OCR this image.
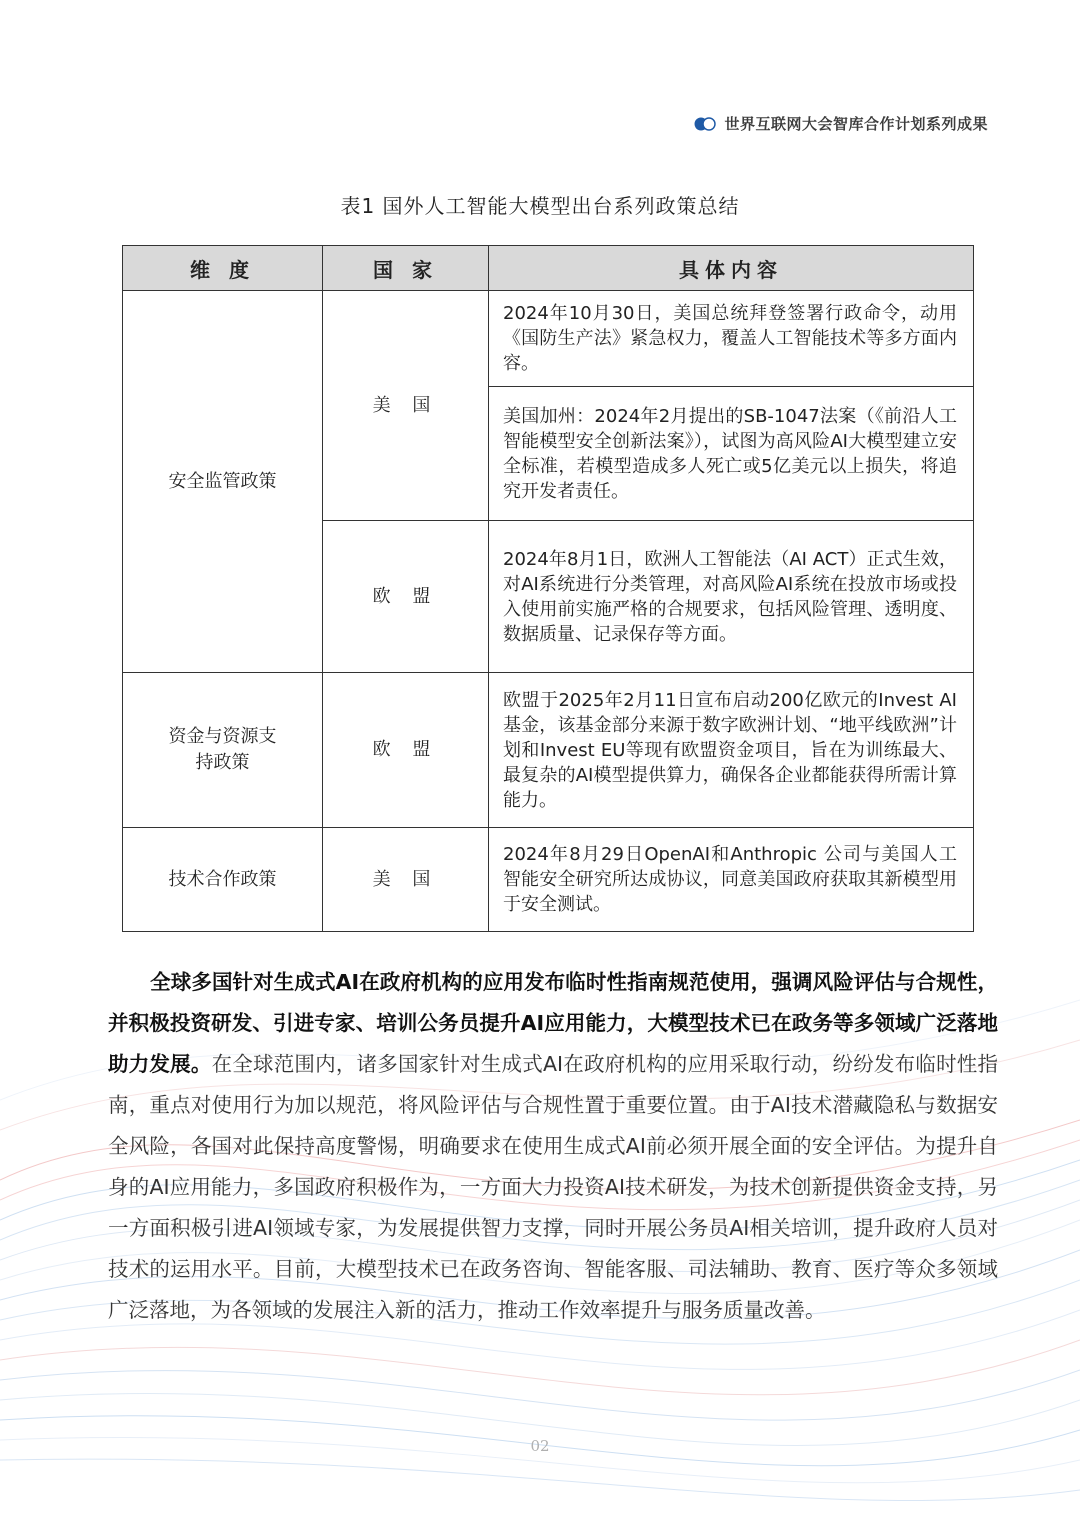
世界互联网大会智库合作计划系列成果
表1 国外人工智能大模型出台系列政策总结
维 度	国 家	具体内容
安全监管政策	美 国	2024年10月30日，美国总统拜登签署行政命令，动用《国防生产法》紧急权力，覆盖人工智能技术等多方面内容。
		美国加州：2024年2月提出的SB-1047法案（《前沿人工智能模型安全创新法案》），试图为高风险AI大模型建立安全标准，若模型造成多人死亡或5亿美元以上损失，将追究开发者责任。
	欧 盟	2024年8月1日，欧洲人工智能法（AI ACT）正式生效，对AI系统进行分类管理，对高风险AI系统在投放市场或投入使用前实施严格的合规要求，包括风险管理、透明度、数据质量、记录保存等方面。
资金与资源支持政策	欧 盟	欧盟于2025年2月11日宣布启动200亿欧元的Invest AI基金，该基金部分来源于数字欧洲计划、“地平线欧洲”计划和Invest EU等现有欧盟资金项目，旨在为训练最大、最复杂的AI模型提供算力，确保各企业都能获得所需计算能力。
技术合作政策	美 国	2024年8月29日OpenAI和Anthropic 公司与美国人工智能安全研究所达成协议，同意美国政府获取其新模型用于安全测试。
全球多国针对生成式AI在政府机构的应用发布临时性指南规范使用，强调风险评估与合规性，并积极投资研发、引进专家、培训公务员提升AI应用能力，大模型技术已在政务等多领域广泛落地助力发展。在全球范围内，诸多国家针对生成式AI在政府机构的应用采取行动，纷纷发布临时性指南，重点对使用行为加以规范，将风险评估与合规性置于重要位置。由于AI技术潜藏隐私与数据安全风险，各国对此保持高度警惕，明确要求在使用生成式AI前必须开展全面的安全评估。为提升自身的AI应用能力，多国政府积极作为，一方面大力投资AI技术研发，为技术创新提供资金支持，另一方面积极引进AI领域专家，为发展提供智力支撑，同时开展公务员AI相关培训，提升政府人员对技术的运用水平。目前，大模型技术已在政务咨询、智能客服、司法辅助、教育、医疗等众多领域广泛落地，为各领域的发展注入新的活力，推动工作效率提升与服务质量改善。
02
